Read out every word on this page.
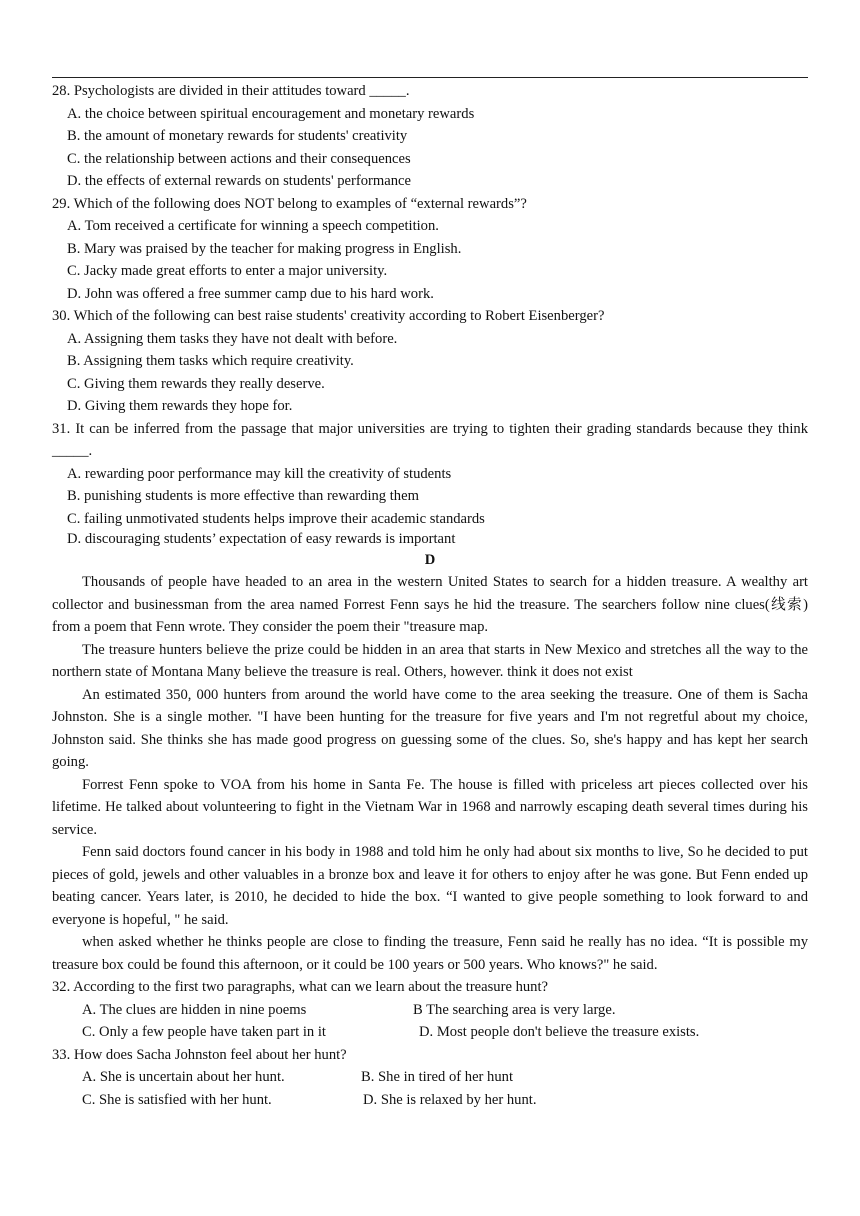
28. Psychologists are divided in their attitudes toward _____.
A. the choice between spiritual encouragement and monetary rewards
B. the amount of monetary rewards for students' creativity
C. the relationship between actions and their consequences
D. the effects of external rewards on students' performance
29. Which of the following does NOT belong to examples of “external rewards”?
A. Tom received a certificate for winning a speech competition.
B. Mary was praised by the teacher for making progress in English.
C. Jacky made great efforts to enter a major university.
D. John was offered a free summer camp due to his hard work.
30. Which of the following can best raise students' creativity according to Robert Eisenberger?
A. Assigning them tasks they have not dealt with before.
B. Assigning them tasks which require creativity.
C. Giving them rewards they really deserve.
D. Giving them rewards they hope for.
31. It can be inferred from the passage that major universities are trying to tighten their grading standards because they think _____.
A. rewarding poor performance may kill the creativity of students
B. punishing students is more effective than rewarding them
C. failing unmotivated students helps improve their academic standards
D. discouraging students’ expectation of easy rewards is important
D
Thousands of people have headed to an area in the western United States to search for a hidden treasure. A wealthy art collector and businessman from the area named Forrest Fenn says he hid the treasure. The searchers follow nine clues(线索) from a poem that Fenn wrote. They consider the poem their "treasure map.
The treasure hunters believe the prize could be hidden in an area that starts in New Mexico and stretches all the way to the northern state of Montana Many believe the treasure is real. Others, however. think it does not exist
An estimated 350, 000 hunters from around the world have come to the area seeking the treasure. One of them is Sacha Johnston. She is a single mother. "I have been hunting for the treasure for five years and I'm not regretful about my choice, Johnston said. She thinks she has made good progress on guessing some of the clues. So, she's happy and has kept her search going.
Forrest Fenn spoke to VOA from his home in Santa Fe. The house is filled with priceless art pieces collected over his lifetime. He talked about volunteering to fight in the Vietnam War in 1968 and narrowly escaping death several times during his service.
Fenn said doctors found cancer in his body in 1988 and told him he only had about six months to live, So he decided to put pieces of gold, jewels and other valuables in a bronze box and leave it for others to enjoy after he was gone. But Fenn ended up beating cancer. Years later, is 2010, he decided to hide the box. “I wanted to give people something to look forward to and everyone is hopeful, " he said.
when asked whether he thinks people are close to finding the treasure, Fenn said he really has no idea. “It is possible my treasure box could be found this afternoon, or it could be 100 years or 500 years. Who knows?" he said.
32. According to the first two paragraphs, what can we learn about the treasure hunt?
A. The clues are hidden in nine poems	B The searching area is very large.
C. Only a few people have taken part in it	D. Most people don't believe the treasure exists.
33. How does Sacha Johnston feel about her hunt?
A. She is uncertain about her hunt.	B. She in tired of her hunt
C. She is satisfied with her hunt.	D. She is relaxed by her hunt.
